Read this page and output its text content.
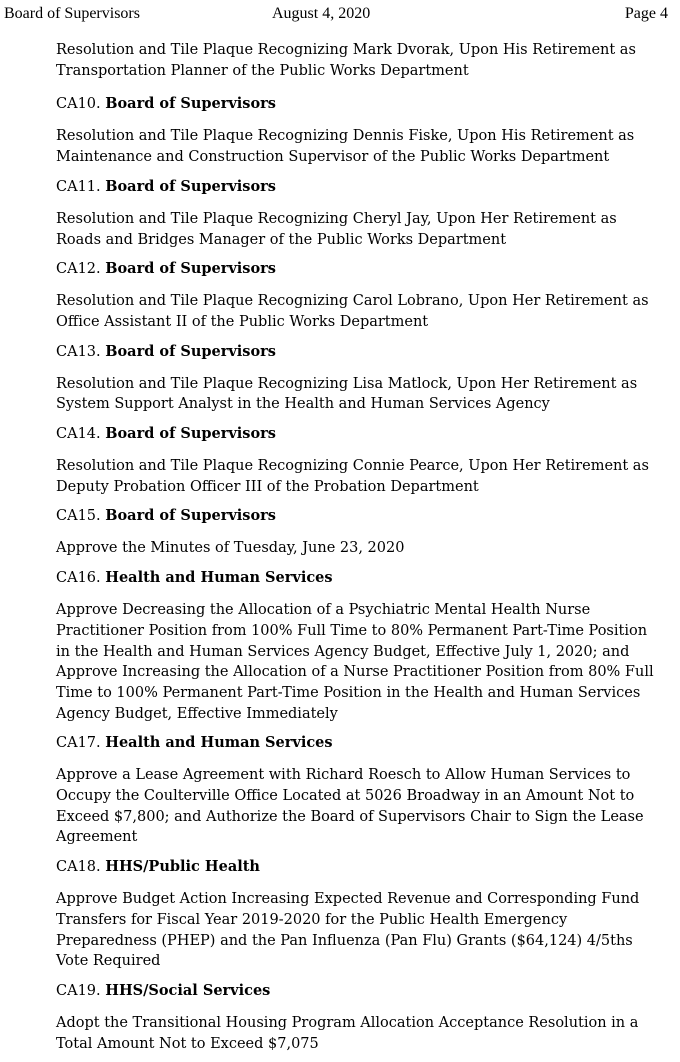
Board of Supervisors	August 4, 2020	Page 4

Resolution and Tile Plaque Recognizing Mark Dvorak, Upon His Retirement as
Transportation Planner of the Public Works Department

CA10. Board of Supervisors

Resolution and Tile Plaque Recognizing Dennis Fiske, Upon His Retirement as
Maintenance and Construction Supervisor of the Public Works Department

CA11. Board of Supervisors

Resolution and Tile Plaque Recognizing Cheryl Jay, Upon Her Retirement as
Roads and Bridges Manager of the Public Works Department

CA12. Board of Supervisors

Resolution and Tile Plaque Recognizing Carol Lobrano, Upon Her Retirement as
Office Assistant II of the Public Works Department

CA13. Board of Supervisors

Resolution and Tile Plaque Recognizing Lisa Matlock, Upon Her Retirement as
System Support Analyst in the Health and Human Services Agency

CA14. Board of Supervisors

Resolution and Tile Plaque Recognizing Connie Pearce, Upon Her Retirement as
Deputy Probation Officer III of the Probation Department

CA15. Board of Supervisors

Approve the Minutes of Tuesday, June 23, 2020

CA16. Health and Human Services

Approve Decreasing the Allocation of a Psychiatric Mental Health Nurse
Practitioner Position from 100% Full Time to 80% Permanent Part-Time Position
in the Health and Human Services Agency Budget, Effective July 1, 2020; and
Approve Increasing the Allocation of a Nurse Practitioner Position from 80% Full
Time to 100% Permanent Part-Time Position in the Health and Human Services
Agency Budget, Effective Immediately

CA17. Health and Human Services

Approve a Lease Agreement with Richard Roesch to Allow Human Services to
Occupy the Coulterville Office Located at 5026 Broadway in an Amount Not to
Exceed $7,800; and Authorize the Board of Supervisors Chair to Sign the Lease
Agreement

CA18. HHS/Public Health

Approve Budget Action Increasing Expected Revenue and Corresponding Fund
Transfers for Fiscal Year 2019-2020 for the Public Health Emergency
Preparedness (PHEP) and the Pan Influenza (Pan Flu) Grants ($64,124) 4/5ths
Vote Required

CA19. HHS/Social Services

Adopt the Transitional Housing Program Allocation Acceptance Resolution in a
Total Amount Not to Exceed $7,075
